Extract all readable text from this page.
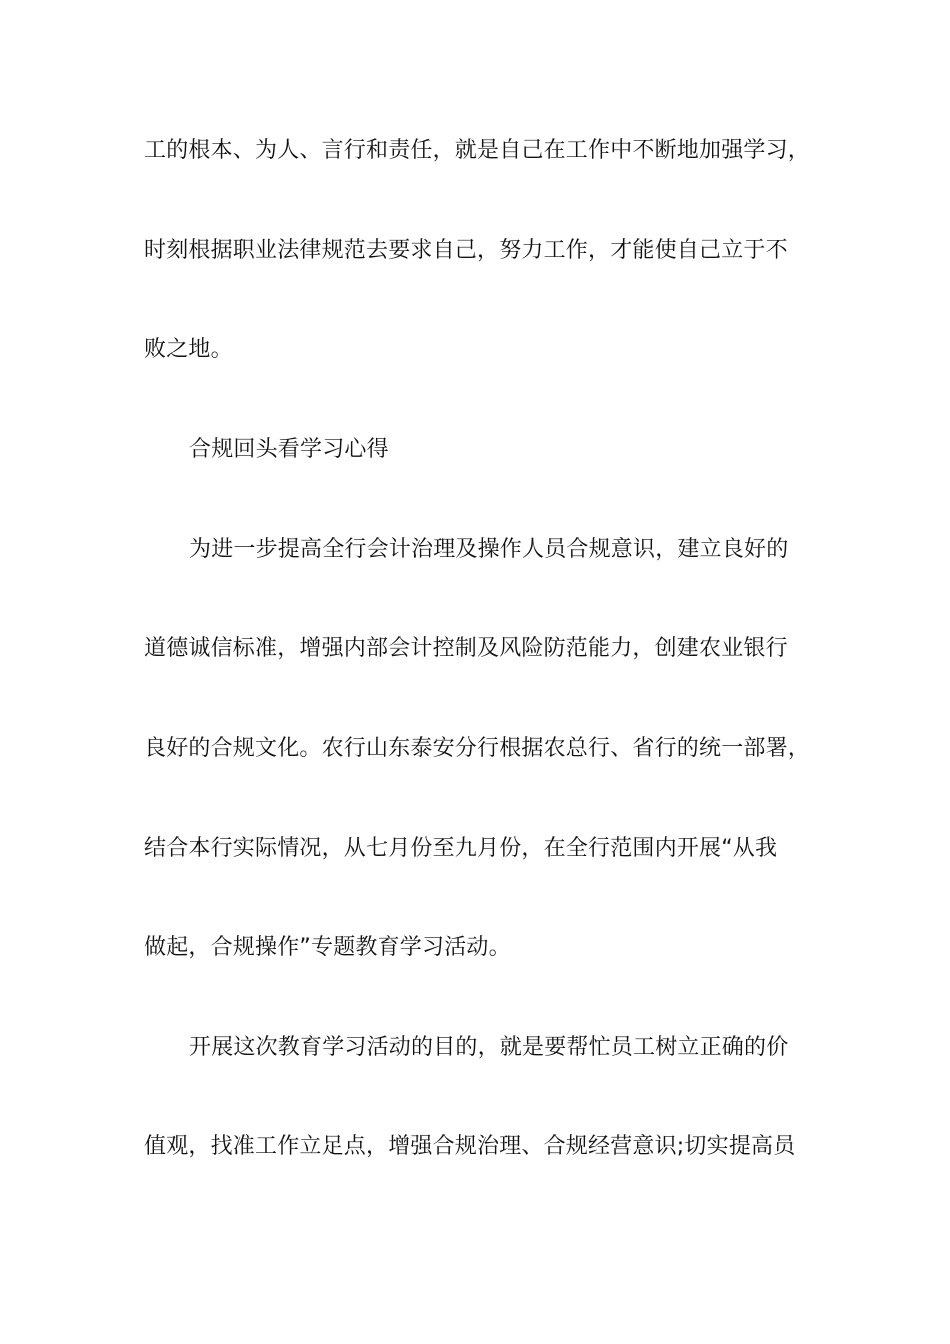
工的根本、为人、言行和责任，就是自己在工作中不断地加强学习，
时刻根据职业法律规范去要求自己，努力工作，才能使自己立于不
败之地。
合规回头看学习心得
为进一步提高全行会计治理及操作人员合规意识，建立良好的
道德诚信标准，增强内部会计控制及风险防范能力，创建农业银行
良好的合规文化。农行山东泰安分行根据农总行、省行的统一部署，
结合本行实际情况，从七月份至九月份，在全行范围内开展“从我
做起，合规操作”专题教育学习活动。
开展这次教育学习活动的目的，就是要帮忙员工树立正确的价
值观，找准工作立足点，增强合规治理、合规经营意识;切实提高员
